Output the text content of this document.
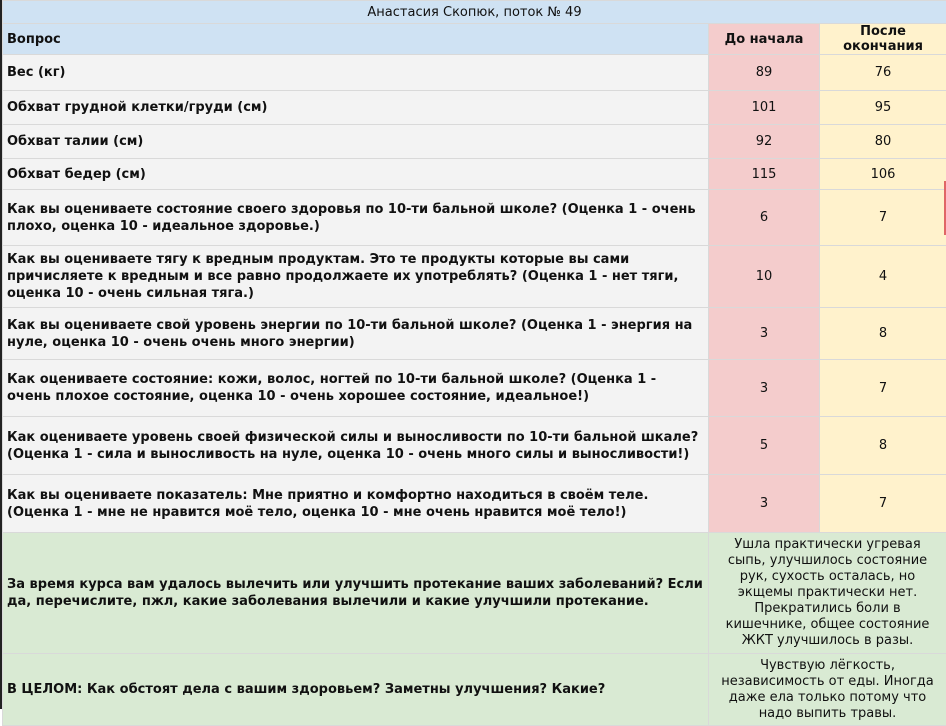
Анастасия Скопюк, поток № 49		
Вопрос	До начала	После окончания
Вес (кг)	89	76
Обхват грудной клетки/груди (см)	101	95
Обхват талии (см)	92	80
Обхват бедер (см)	115	106
Как вы оцениваете состояние своего здоровья по 10-ти бальной школе? (Оценка 1 - очень плохо, оценка 10 - идеальное здоровье.)	6	7
Как вы оцениваете тягу к вредным продуктам. Это те продукты которые вы сами причисляете к вредным и все равно продолжаете их употреблять? (Оценка 1 - нет тяги, оценка 10 - очень сильная тяга.)	10	4
Как вы оцениваете свой уровень энергии по 10-ти бальной школе? (Оценка 1 - энергия на нуле, оценка 10 - очень очень много энергии)	3	8
Как оцениваете состояние: кожи, волос, ногтей по 10-ти бальной школе? (Оценка 1 - очень плохое состояние, оценка 10 - очень хорошее состояние, идеальное!)	3	7
Как оцениваете уровень своей физической силы и выносливости по 10-ти бальной шкале? (Оценка 1 - сила и выносливость на нуле, оценка 10 - очень много силы и выносливости!)	5	8
Как вы оцениваете показатель: Мне приятно и комфортно находиться в своём теле. (Оценка 1 - мне не нравится моё тело, оценка 10 - мне очень нравится моё тело!)	3	7
За время курса вам удалось вылечить или улучшить протекание ваших заболеваний? Если да, перечислите, пжл, какие заболевания вылечили и какие улучшили протекание.	Ушла практически угревая сыпь, улучшилось состояние рук, сухость осталась, но экщемы практически нет. Прекратились боли в кишечнике, общее состояние ЖКТ улучшилось в разы.	
В ЦЕЛОМ: Как обстоят дела с вашим здоровьем? Заметны улучшения? Какие?	Чувствую лёгкость, независимость от еды. Иногда даже ела только потому что надо выпить травы.	
